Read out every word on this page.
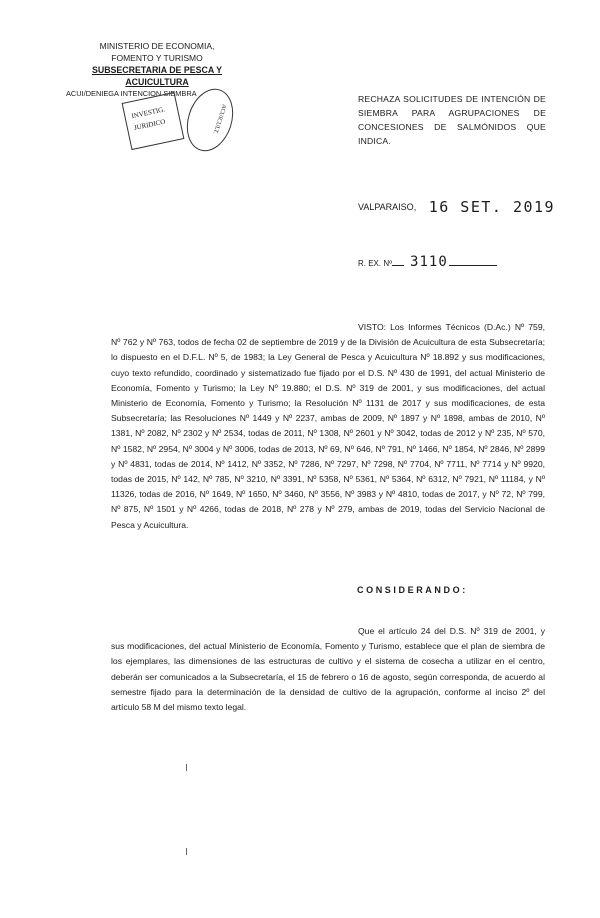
MINISTERIO DE ECONOMIA,
FOMENTO Y TURISMO
SUBSECRETARIA DE PESCA Y ACUICULTURA
ACUI/DENIEGA INTENCION SIEMBRA
INVESTIG.
JURIDICO	ACUICULT.
RECHAZA SOLICITUDES DE INTENCIÓN DE SIEMBRA PARA AGRUPACIONES DE CONCESIONES DE SALMÓNIDOS QUE INDICA.
VALPARAISO, 16 SET. 2019
R. EX. Nº 3110
VISTO: Los Informes Técnicos (D.Ac.) Nº 759, Nº 762 y Nº 763, todos de fecha 02 de septiembre de 2019 y de la División de Acuicultura de esta Subsecretaría; lo dispuesto en el D.F.L. Nº 5, de 1983; la Ley General de Pesca y Acuicultura Nº 18.892 y sus modificaciones, cuyo texto refundido, coordinado y sistematizado fue fijado por el D.S. Nº 430 de 1991, del actual Ministerio de Economía, Fomento y Turismo; la Ley Nº 19.880; el D.S. Nº 319 de 2001, y sus modificaciones, del actual Ministerio de Economía, Fomento y Turismo; la Resolución Nº 1131 de 2017 y sus modificaciones, de esta Subsecretaría; las Resoluciones Nº 1449 y Nº 2237, ambas de 2009, Nº 1897 y Nº 1898, ambas de 2010, Nº 1381, Nº 2082, Nº 2302 y Nº 2534, todas de 2011, Nº 1308, Nº 2601 y Nº 3042, todas de 2012 y Nº 235, Nº 570, Nº 1582, Nº 2954, Nº 3004 y Nº 3006, todas de 2013, Nº 69, Nº 646, Nº 791, Nº 1466, Nº 1854, Nº 2846, Nº 2899 y Nº 4831, todas de 2014, Nº 1412, Nº 3352, Nº 7286, Nº 7297, Nº 7298, Nº 7704, Nº 7711, Nº 7714 y Nº 9920, todas de 2015, Nº 142, Nº 785, Nº 3210, Nº 3391, Nº 5358, Nº 5361, Nº 5364, Nº 6312, Nº 7921, Nº 11184, y Nº 11326, todas de 2016, Nº 1649, Nº 1650, Nº 3460, Nº 3556, Nº 3983 y Nº 4810, todas de 2017, y Nº 72, Nº 799, Nº 875, Nº 1501 y Nº 4266, todas de 2018, Nº 278 y Nº 279, ambas de 2019, todas del Servicio Nacional de Pesca y Acuicultura.
CONSIDERANDO:
Que el artículo 24 del D.S. Nº 319 de 2001, y sus modificaciones, del actual Ministerio de Economía, Fomento y Turismo, establece que el plan de siembra de los ejemplares, las dimensiones de las estructuras de cultivo y el sistema de cosecha a utilizar en el centro, deberán ser comunicados a la Subsecretaría, el 15 de febrero o 16 de agosto, según corresponda, de acuerdo al semestre fijado para la determinación de la densidad de cultivo de la agrupación, conforme al inciso 2º del artículo 58 M del mismo texto legal.
